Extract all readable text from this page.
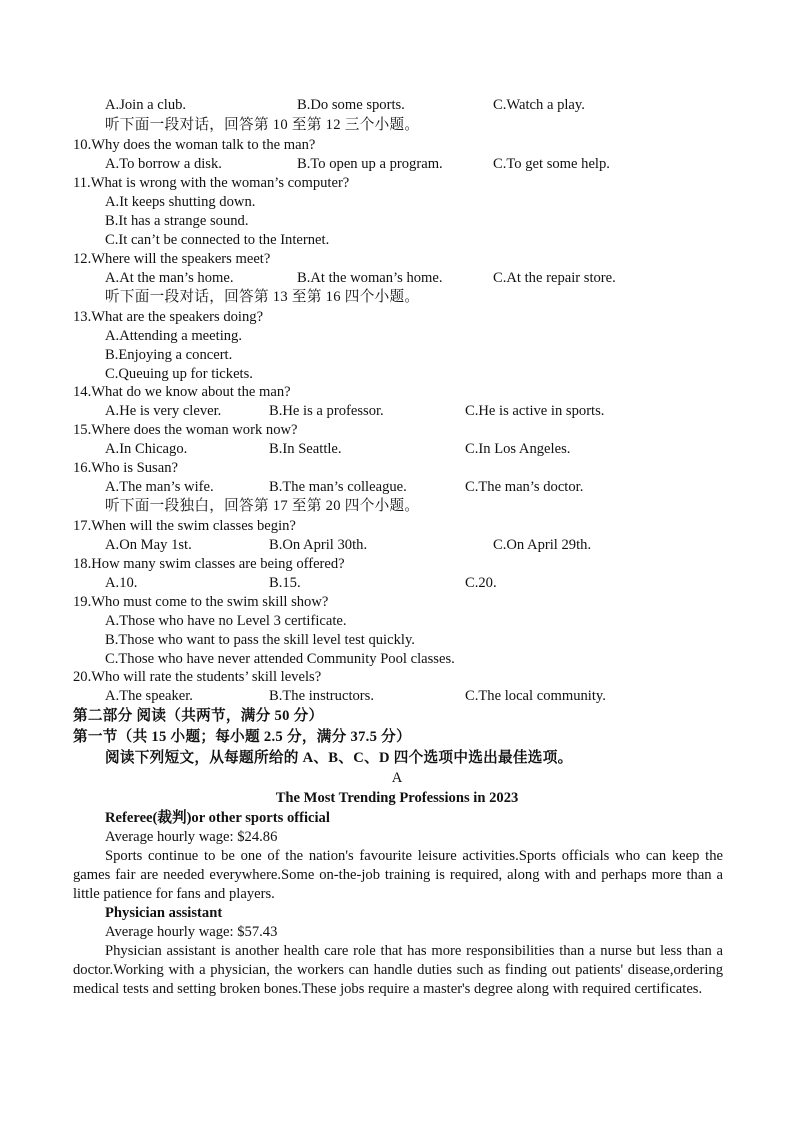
A.Join a club.	B.Do some sports.	C.Watch a play.
听下面一段对话，回答第 10 至第 12 三个小题。
10.Why does the woman talk to the man?
A.To borrow a disk.	B.To open up a program.	C.To get some help.
11.What is wrong with the woman’s computer?
A.It keeps shutting down.
B.It has a strange sound.
C.It can’t be connected to the Internet.
12.Where will the speakers meet?
A.At the man’s home.	B.At the woman’s home.	C.At the repair store.
听下面一段对话，回答第 13 至第 16 四个小题。
13.What are the speakers doing?
A.Attending a meeting.
B.Enjoying a concert.
C.Queuing up for tickets.
14.What do we know about the man?
A.He is very clever.	B.He is a professor.	C.He is active in sports.
15.Where does the woman work now?
A.In Chicago.	B.In Seattle.	C.In Los Angeles.
16.Who is Susan?
A.The man’s wife.	B.The man’s colleague.	C.The man’s doctor.
听下面一段独白，回答第 17 至第 20 四个小题。
17.When will the swim classes begin?
A.On May 1st.	B.On April 30th.	C.On April 29th.
18.How many swim classes are being offered?
A.10.	B.15.	C.20.
19.Who must come to the swim skill show?
A.Those who have no Level 3 certificate.
B.Those who want to pass the skill level test quickly.
C.Those who have never attended Community Pool classes.
20.Who will rate the students’ skill levels?
A.The speaker.	B.The instructors.	C.The local community.
第二部分 阅读（共两节，满分 50 分）
第一节（共 15 小题；每小题 2.5 分，满分 37.5 分）
阅读下列短文，从每题所给的 A、B、C、D 四个选项中选出最佳选项。
A
The Most Trending Professions in 2023
Referee(裁判)or other sports official
Average hourly wage: $24.86
Sports continue to be one of the nation's favourite leisure activities.Sports officials who can keep the games fair are needed everywhere.Some on-the-job training is required, along with and perhaps more than a little patience for fans and players.
Physician assistant
Average hourly wage: $57.43
Physician assistant is another health care role that has more responsibilities than a nurse but less than a doctor.Working with a physician, the workers can handle duties such as finding out patients' disease,ordering medical tests and setting broken bones.These jobs require a master's degree along with required certificates.
